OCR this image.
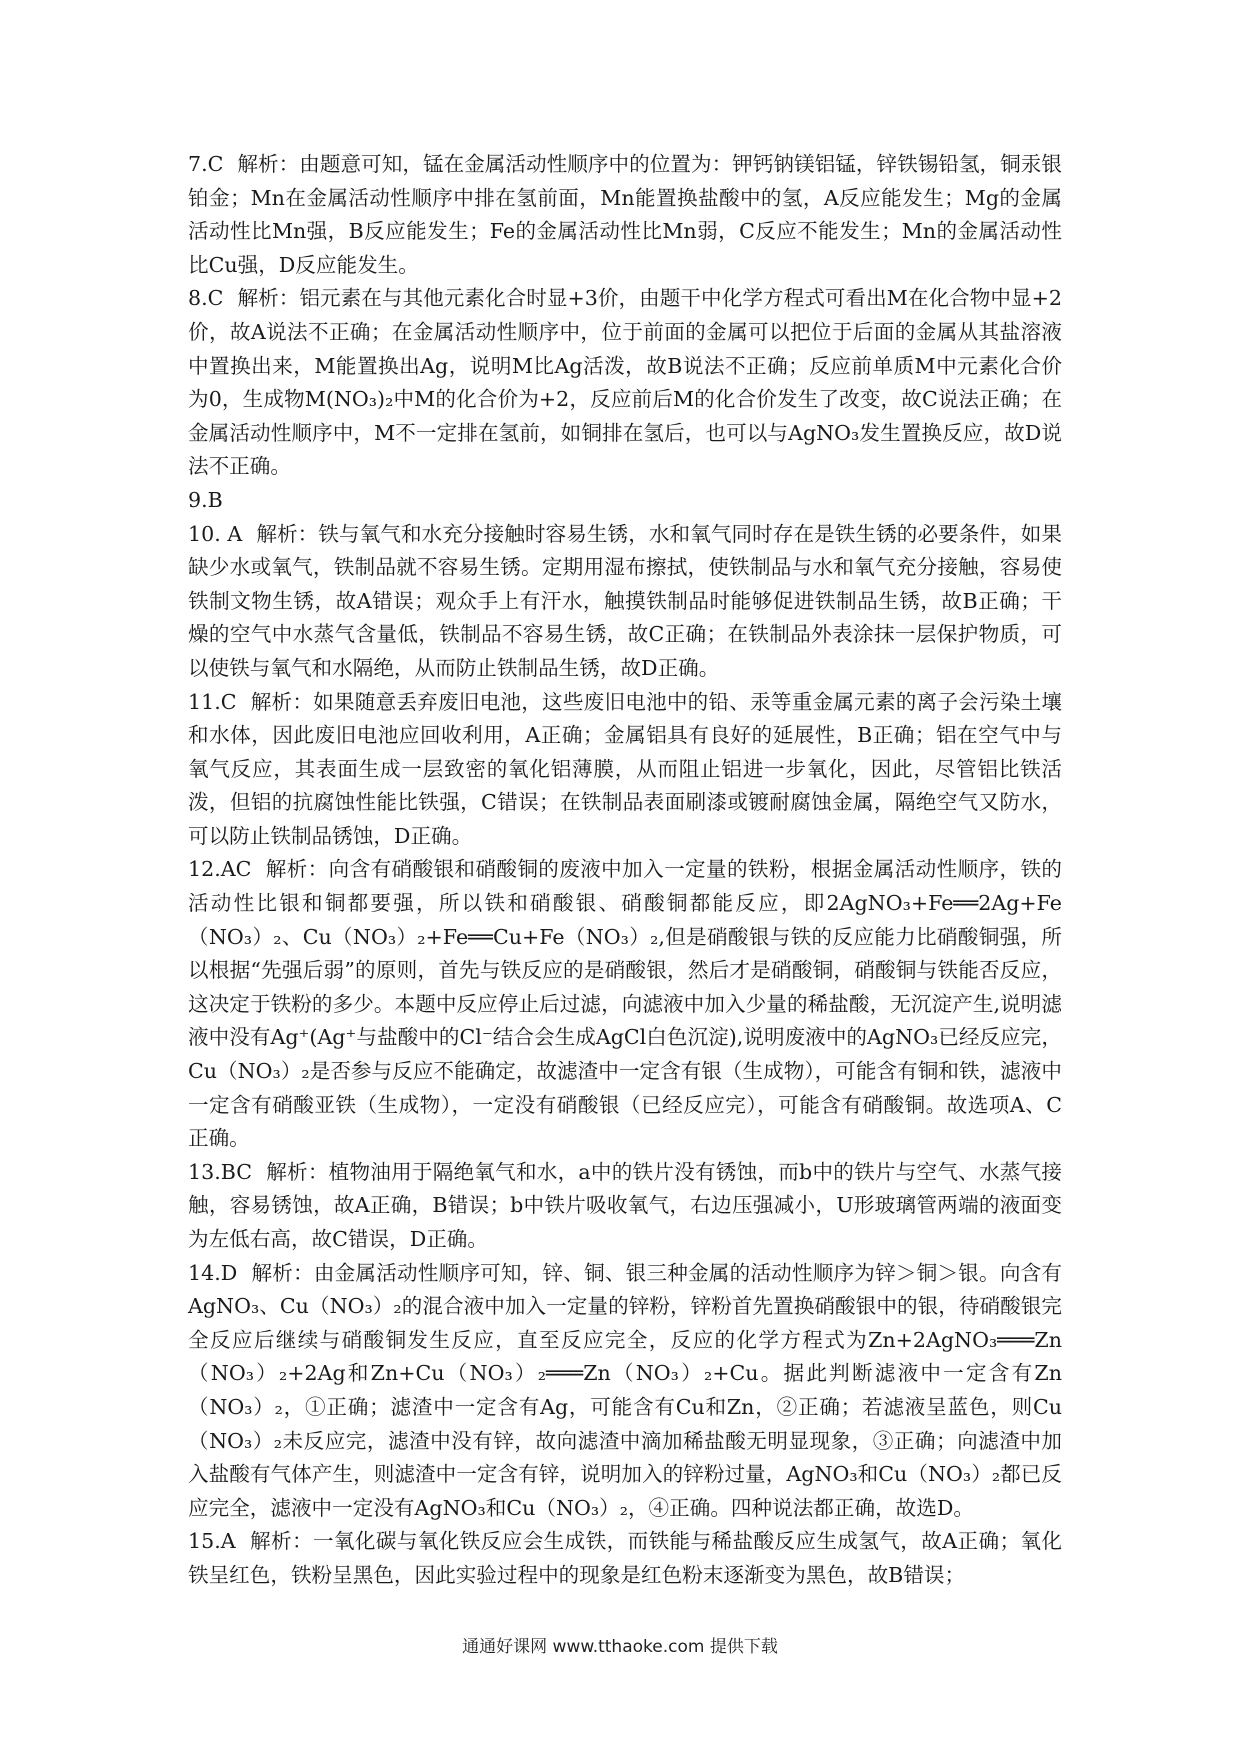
7.C 解析：由题意可知，锰在金属活动性顺序中的位置为：钾钙钠镁铝锰，锌铁锡铅氢，铜汞银铂金；Mn在金属活动性顺序中排在氢前面，Mn能置换盐酸中的氢，A反应能发生；Mg的金属活动性比Mn强，B反应能发生；Fe的金属活动性比Mn弱，C反应不能发生；Mn的金属活动性比Cu强，D反应能发生。

8.C 解析：铝元素在与其他元素化合时显+3价，由题干中化学方程式可看出M在化合物中显+2价，故A说法不正确；在金属活动性顺序中，位于前面的金属可以把位于后面的金属从其盐溶液中置换出来，M能置换出Ag，说明M比Ag活泼，故B说法不正确；反应前单质M中元素化合价为0，生成物M(NO₃)₂中M的化合价为+2，反应前后M的化合价发生了改变，故C说法正确；在金属活动性顺序中，M不一定排在氢前，如铜排在氢后，也可以与AgNO₃发生置换反应，故D说法不正确。

9.B

10. A 解析：铁与氧气和水充分接触时容易生锈，水和氧气同时存在是铁生锈的必要条件，如果缺少水或氧气，铁制品就不容易生锈。定期用湿布擦拭，使铁制品与水和氧气充分接触，容易使铁制文物生锈，故A错误；观众手上有汗水，触摸铁制品时能够促进铁制品生锈，故B正确；干燥的空气中水蒸气含量低，铁制品不容易生锈，故C正确；在铁制品外表涂抹一层保护物质，可以使铁与氧气和水隔绝，从而防止铁制品生锈，故D正确。

11.C 解析：如果随意丢弃废旧电池，这些废旧电池中的铅、汞等重金属元素的离子会污染土壤和水体，因此废旧电池应回收利用，A正确；金属铝具有良好的延展性，B正确；铝在空气中与氧气反应，其表面生成一层致密的氧化铝薄膜，从而阻止铝进一步氧化，因此，尽管铝比铁活泼，但铝的抗腐蚀性能比铁强，C错误；在铁制品表面刷漆或镀耐腐蚀金属，隔绝空气又防水，可以防止铁制品锈蚀，D正确。

12.AC 解析：向含有硝酸银和硝酸铜的废液中加入一定量的铁粉，根据金属活动性顺序，铁的活动性比银和铜都要强，所以铁和硝酸银、硝酸铜都能反应，即2AgNO₃+Fe══2Ag+Fe（NO₃）₂、Cu（NO₃）₂+Fe══Cu+Fe（NO₃）₂,但是硝酸银与铁的反应能力比硝酸铜强，所以根据“先强后弱”的原则，首先与铁反应的是硝酸银，然后才是硝酸铜，硝酸铜与铁能否反应，这决定于铁粉的多少。本题中反应停止后过滤，向滤液中加入少量的稀盐酸，无沉淀产生,说明滤液中没有Ag⁺(Ag⁺与盐酸中的Cl⁻结合会生成AgCl白色沉淀),说明废液中的AgNO₃已经反应完，Cu（NO₃）₂是否参与反应不能确定，故滤渣中一定含有银（生成物），可能含有铜和铁，滤液中一定含有硝酸亚铁（生成物），一定没有硝酸银（已经反应完），可能含有硝酸铜。故选项A、C正确。

13.BC 解析：植物油用于隔绝氧气和水，a中的铁片没有锈蚀，而b中的铁片与空气、水蒸气接触，容易锈蚀，故A正确，B错误；b中铁片吸收氧气，右边压强减小，U形玻璃管两端的液面变为左低右高，故C错误，D正确。

14.D 解析：由金属活动性顺序可知，锌、铜、银三种金属的活动性顺序为锌＞铜＞银。向含有AgNO₃、Cu（NO₃）₂的混合液中加入一定量的锌粉，锌粉首先置换硝酸银中的银，待硝酸银完全反应后继续与硝酸铜发生反应，直至反应完全，反应的化学方程式为Zn+2AgNO₃═══Zn（NO₃）₂+2Ag和Zn+Cu（NO₃）₂═══Zn（NO₃）₂+Cu。据此判断滤液中一定含有Zn（NO₃）₂，①正确；滤渣中一定含有Ag，可能含有Cu和Zn，②正确；若滤液呈蓝色，则Cu（NO₃）₂未反应完，滤渣中没有锌，故向滤渣中滴加稀盐酸无明显现象，③正确；向滤渣中加入盐酸有气体产生，则滤渣中一定含有锌，说明加入的锌粉过量，AgNO₃和Cu（NO₃）₂都已反应完全，滤液中一定没有AgNO₃和Cu（NO₃）₂，④正确。四种说法都正确，故选D。

15.A 解析：一氧化碳与氧化铁反应会生成铁，而铁能与稀盐酸反应生成氢气，故A正确；氧化铁呈红色，铁粉呈黑色，因此实验过程中的现象是红色粉末逐渐变为黑色，故B错误；

通通好课网 www.tthaoke.com 提供下载
